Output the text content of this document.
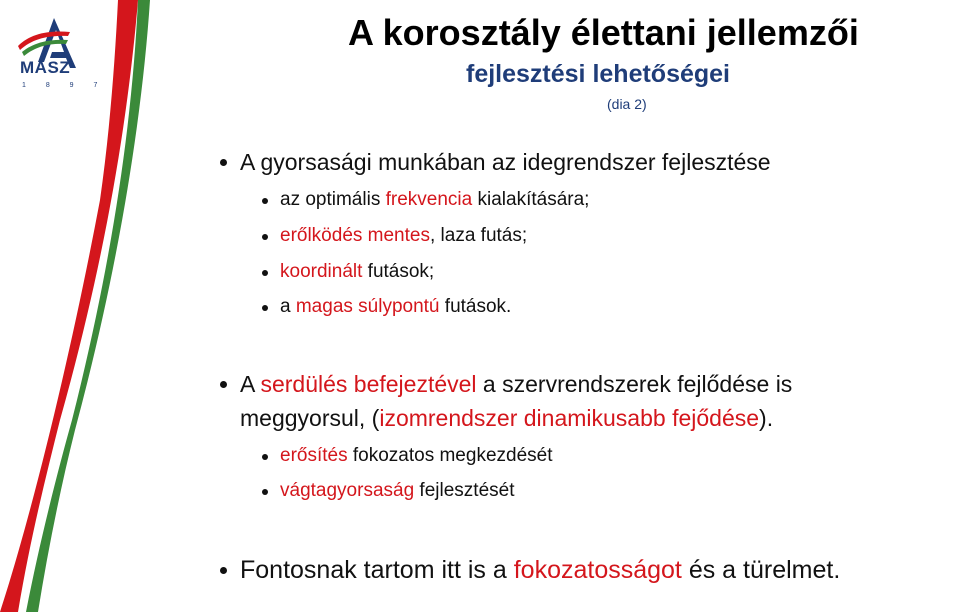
MASZ
1 8 9 7
A korosztály élettani jellemzői
fejlesztési lehetőségei
(dia 2)
A gyorsasági munkában az idegrendszer fejlesztése
az optimális frekvencia kialakítására;
erőlködés mentes, laza futás;
koordinált futások;
a magas súlypontú futások.
A serdülés befejeztével a szervrendszerek fejlődése is
meggyorsul, (izomrendszer dinamikusabb fejődése).
erősítés fokozatos megkezdését
vágtagyorsaság fejlesztését
Fontosnak tartom itt is a fokozatosságot és a türelmet.
